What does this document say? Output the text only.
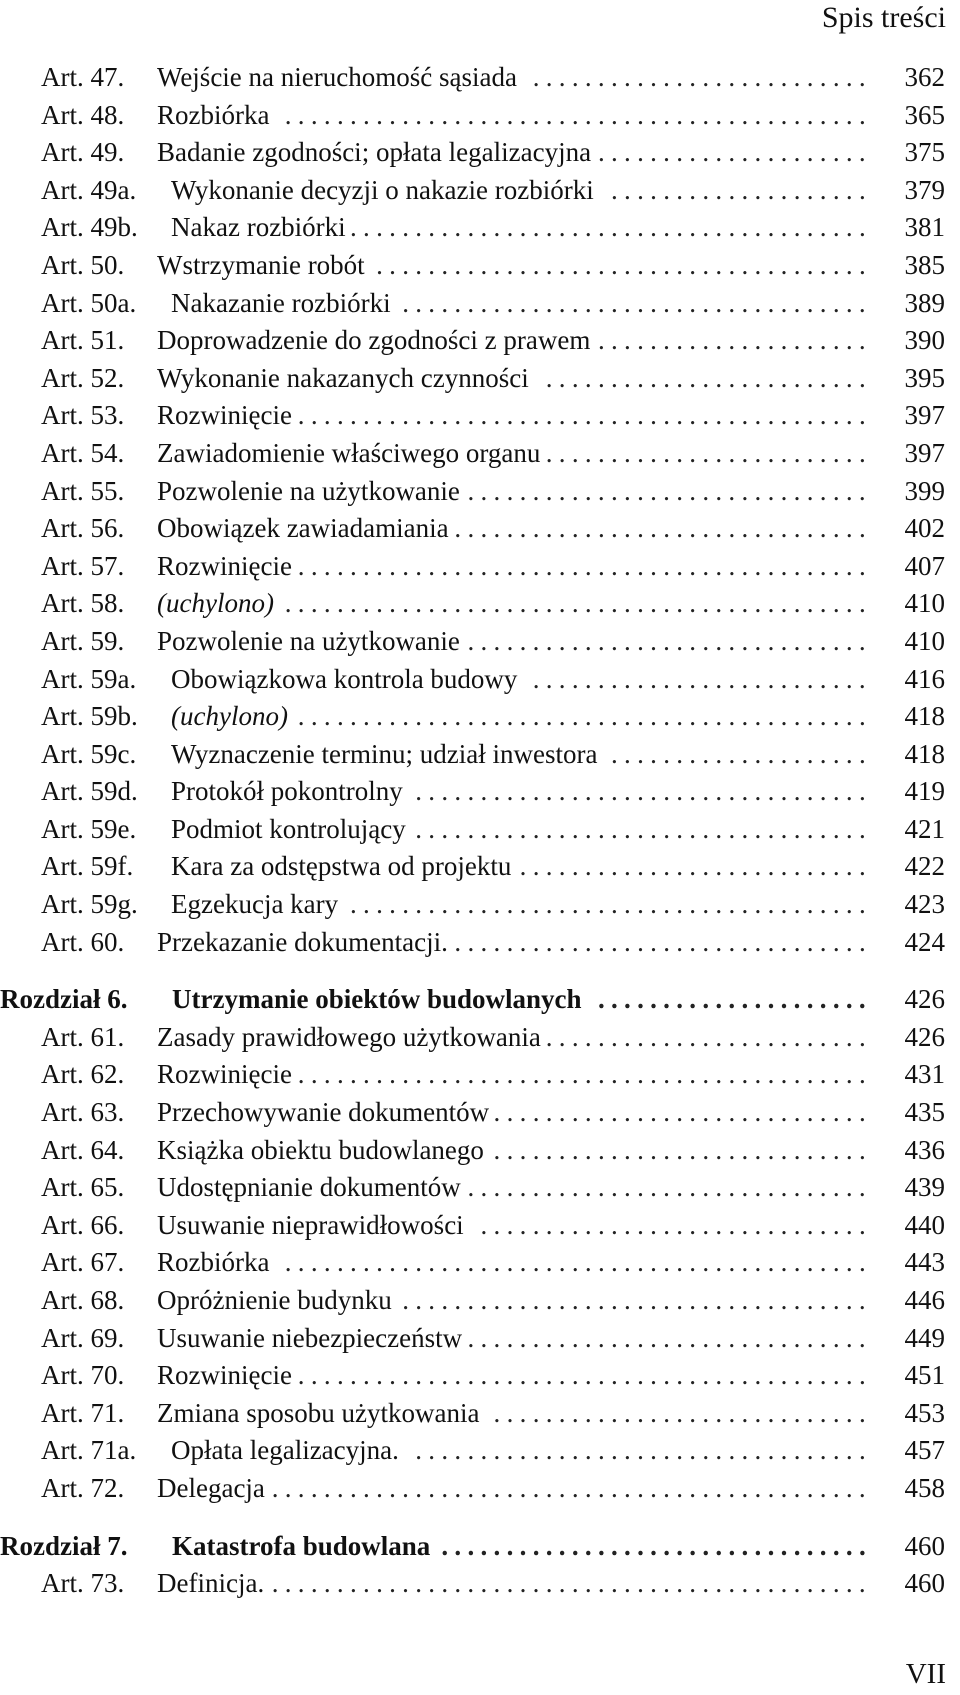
Spis treści
Art. 47. Wejście na nieruchomość sąsiada .......................... 362
Art. 48. Rozbiórka ............................................. 365
Art. 49. Badanie zgodności; opłata legalizacyjna ..................... 375
Art. 49a. Wykonanie decyzji o nakazie rozbiórki .................... 379
Art. 49b. Nakaz rozbiórki ........................................ 381
Art. 50. Wstrzymanie robót ...................................... 385
Art. 50a. Nakazanie rozbiórki .................................... 389
Art. 51. Doprowadzenie do zgodności z prawem ..................... 390
Art. 52. Wykonanie nakazanych czynności ......................... 395
Art. 53. Rozwinięcie ............................................ 397
Art. 54. Zawiadomienie właściwego organu ......................... 397
Art. 55. Pozwolenie na użytkowanie ............................... 399
Art. 56. Obowiązek zawiadamiania ................................ 402
Art. 57. Rozwinięcie ............................................ 407
Art. 58. (uchylono) ............................................. 410
Art. 59. Pozwolenie na użytkowanie ............................... 410
Art. 59a. Obowiązkowa kontrola budowy .......................... 416
Art. 59b. (uchylono) ............................................ 418
Art. 59c. Wyznaczenie terminu; udział inwestora .................... 418
Art. 59d. Protokół pokontrolny ................................... 419
Art. 59e. Podmiot kontrolujący ................................... 421
Art. 59f. Kara za odstępstwa od projektu ........................... 422
Art. 59g. Egzekucja kary ........................................ 423
Art. 60. Przekazanie dokumentacji. ................................ 424
Rozdział 6. Utrzymanie obiektów budowlanych ..................... 426
Art. 61. Zasady prawidłowego użytkowania ......................... 426
Art. 62. Rozwinięcie ............................................ 431
Art. 63. Przechowywanie dokumentów ............................. 435
Art. 64. Książka obiektu budowlanego ............................. 436
Art. 65. Udostępnianie dokumentów ............................... 439
Art. 66. Usuwanie nieprawidłowości .............................. 440
Art. 67. Rozbiórka ............................................. 443
Art. 68. Opróżnienie budynku .................................... 446
Art. 69. Usuwanie niebezpieczeństw ............................... 449
Art. 70. Rozwinięcie ............................................ 451
Art. 71. Zmiana sposobu użytkowania ............................. 453
Art. 71a. Opłata legalizacyjna. ................................... 457
Art. 72. Delegacja .............................................. 458
Rozdział 7. Katastrofa budowlana ................................. 460
Art. 73. Definicja. .............................................. 460
VII
